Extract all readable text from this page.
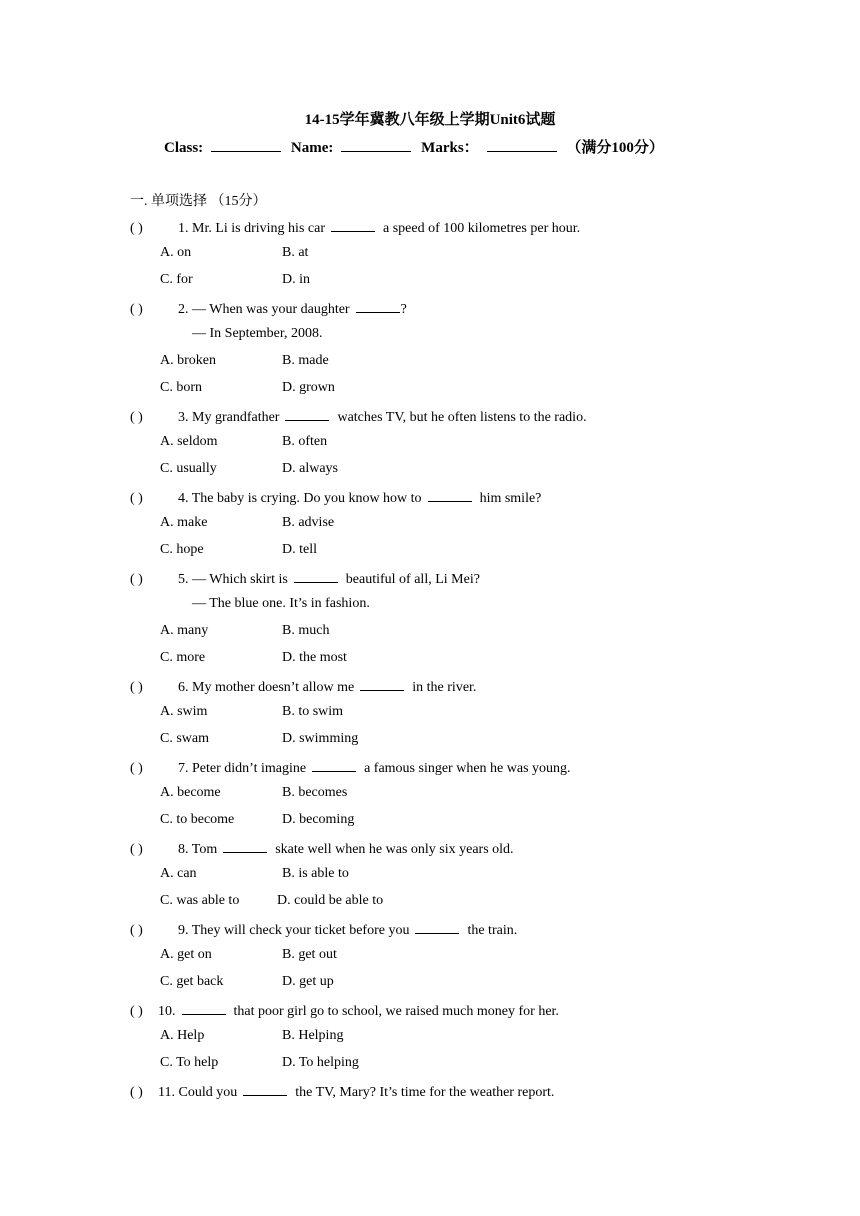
14-15学年冀教八年级上学期Unit6试题
Class:	Name:	Marks：	（满分100分）
一. 单项选择 （15分）
( )	1. Mr. Li is driving his car	a speed of 100 kilometres per hour.
A. on	B. at
C. for	D. in
( )	2. — When was your daughter	?
— In September, 2008.
A. broken	B. made
C. born	D. grown
( )	3. My grandfather	watches TV, but he often listens to the radio.
A. seldom	B. often
C. usually	D. always
( )	4. The baby is crying. Do you know how to	him smile?
A. make	B. advise
C. hope	D. tell
( )	5. — Which skirt is	beautiful of all, Li Mei?
— The blue one. It’s in fashion.
A. many	B. much
C. more	D. the most
( )	6. My mother doesn’t allow me	in the river.
A. swim	B. to swim
C. swam	D. swimming
( )	7. Peter didn’t imagine	a famous singer when he was young.
A. become	B. becomes
C. to become	D. becoming
( )	8. Tom	skate well when he was only six years old.
A. can	B. is able to
C. was able to	D. could be able to
( )	9. They will check your ticket before you	the train.
A. get on	B. get out
C. get back	D. get up
( ) 10.	that poor girl go to school, we raised much money for her.
A. Help	B. Helping
C. To help	D. To helping
( ) 11. Could you	the TV, Mary? It’s time for the weather report.
